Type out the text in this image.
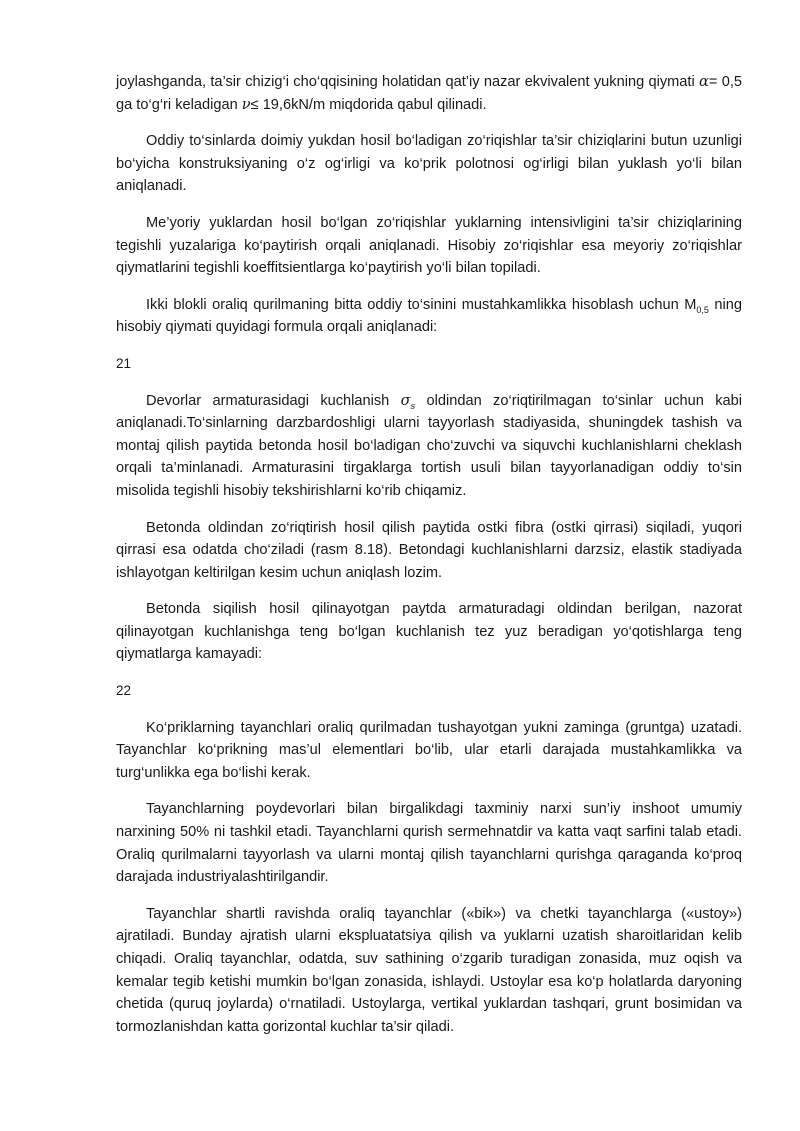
joylashganda, ta’sir chizig‘i cho‘qqisining holatidan qat’iy nazar ekvivalent yukning qiymati α= 0,5 ga to‘g‘ri keladigan ν≤ 19,6kN/m miqdorida qabul qilinadi.

Oddiy to‘sinlarda doimiy yukdan hosil bo‘ladigan zo‘riqishlar ta’sir chiziqlarini butun uzunligi bo‘yicha konstruksiyaning o‘z og‘irligi va ko‘prik polotnosi og‘irligi bilan yuklash yo‘li bilan aniqlanadi.

Me’yoriy yuklardan hosil bo‘lgan zo‘riqishlar yuklarning intensivligini ta’sir chiziqlarining tegishli yuzalariga ko‘paytirish orqali aniqlanadi. Hisobiy zo‘riqishlar esa meyoriy zo‘riqishlar qiymatlarini tegishli koeffitsientlarga ko‘paytirish yo‘li bilan topiladi.

Ikki blokli oraliq qurilmaning bitta oddiy to‘sinini mustahkamlikka hisoblash uchun $M_{0,5}$ ning hisobiy qiymati quyidagi formula orqali aniqlanadi:

21

Devorlar armaturasidagi kuchlanish $\sigma_s$ oldindan zo‘riqtirilmagan to‘sinlar uchun kabi aniqlanadi.To‘sinlarning darzbardoshligi ularni tayyorlash stadiyasida, shuningdek tashish va montaj qilish paytida betonda hosil bo‘ladigan cho‘zuvchi va siquvchi kuchlanishlarni cheklash orqali ta’minlanadi. Armaturasini tirgaklarga tortish usuli bilan tayyorlanadigan oddiy to‘sin misolida tegishli hisobiy tekshirishlarni ko‘rib chiqamiz.

Betonda oldindan zo‘riqtirish hosil qilish paytida ostki fibra (ostki qirrasi) siqiladi, yuqori qirrasi esa odatda cho‘ziladi (rasm 8.18). Betondagi kuchlanishlarni darzsiz, elastik stadiyada ishlayotgan keltirilgan kesim uchun aniqlash lozim.

Betonda siqilish hosil qilinayotgan paytda armaturadagi oldindan berilgan, nazorat qilinayotgan kuchlanishga teng bo‘lgan kuchlanish tez yuz beradigan yo‘qotishlarga teng qiymatlarga kamayadi:

22

Ko‘priklarning tayanchlari oraliq qurilmadan tushayotgan yukni zaminga (gruntga) uzatadi. Tayanchlar ko‘prikning mas’ul elementlari bo‘lib, ular etarli darajada mustahkamlikka va turg‘unlikka ega bo‘lishi kerak.

Tayanchlarning poydevorlari bilan birgalikdagi taxminiy narxi sun’iy inshoot umumiy narxining 50% ni tashkil etadi. Tayanchlarni qurish sermehnatdir va katta vaqt sarfini talab etadi. Oraliq qurilmalarni tayyorlash va ularni montaj qilish tayanchlarni qurishga qaraganda ko‘proq darajada industriyalashtirilgandir.

Tayanchlar shartli ravishda oraliq tayanchlar («bik») va chetki tayanchlarga («ustoy») ajratiladi. Bunday ajratish ularni ekspluatatsiya qilish va yuklarni uzatish sharoitlaridan kelib chiqadi. Oraliq tayanchlar, odatda, suv sathining o‘zgarib turadigan zonasida, muz oqish va kemalar tegib ketishi mumkin bo‘lgan zonasida, ishlaydi. Ustoylar esa ko‘p holatlarda daryoning chetida (quruq joylarda) o‘rnatiladi. Ustoylarga, vertikal yuklardan tashqari, grunt bosimidan va tormozlanishdan katta gorizontal kuchlar ta’sir qiladi.
